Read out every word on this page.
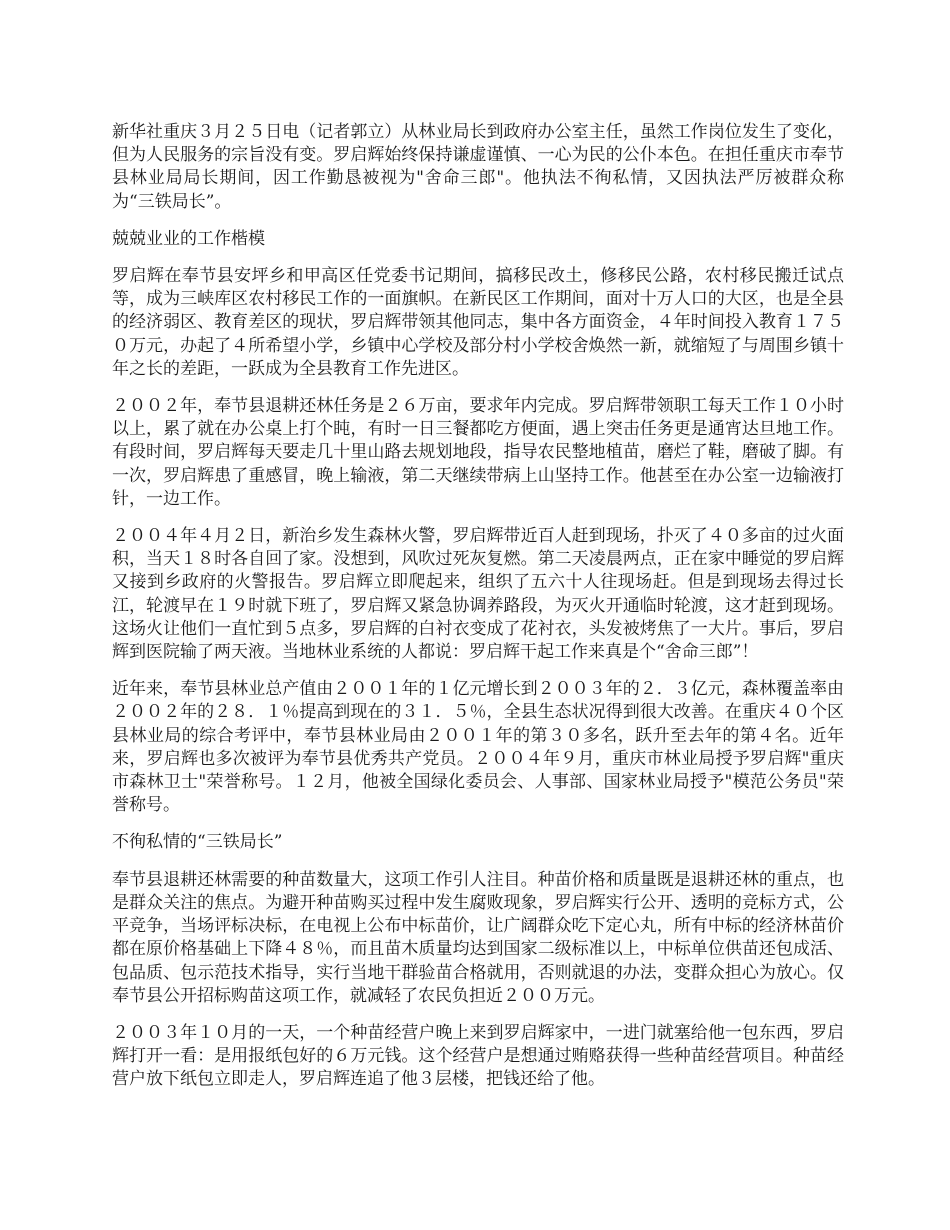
新华社重庆３月２５日电（记者郭立）从林业局长到政府办公室主任，虽然工作岗位发生了变化，但为人民服务的宗旨没有变。罗启辉始终保持谦虚谨慎、一心为民的公仆本色。在担任重庆市奉节县林业局局长期间，因工作勤恳被视为"舍命三郎"。他执法不徇私情，又因执法严厉被群众称为“三铁局长”。

兢兢业业的工作楷模

罗启辉在奉节县安坪乡和甲高区任党委书记期间，搞移民改土，修移民公路，农村移民搬迁试点等，成为三峡库区农村移民工作的一面旗帜。在新民区工作期间，面对十万人口的大区，也是全县的经济弱区、教育差区的现状，罗启辉带领其他同志，集中各方面资金，４年时间投入教育１７５０万元，办起了４所希望小学，乡镇中心学校及部分村小学校舍焕然一新，就缩短了与周围乡镇十年之长的差距，一跃成为全县教育工作先进区。

２００２年，奉节县退耕还林任务是２６万亩，要求年内完成。罗启辉带领职工每天工作１０小时以上，累了就在办公桌上打个盹，有时一日三餐都吃方便面，遇上突击任务更是通宵达旦地工作。有段时间，罗启辉每天要走几十里山路去规划地段，指导农民整地植苗，磨烂了鞋，磨破了脚。有一次，罗启辉患了重感冒，晚上输液，第二天继续带病上山坚持工作。他甚至在办公室一边输液打针，一边工作。

２００４年４月２日，新治乡发生森林火警，罗启辉带近百人赶到现场，扑灭了４０多亩的过火面积，当天１８时各自回了家。没想到，风吹过死灰复燃。第二天凌晨两点，正在家中睡觉的罗启辉又接到乡政府的火警报告。罗启辉立即爬起来，组织了五六十人往现场赶。但是到现场去得过长江，轮渡早在１９时就下班了，罗启辉又紧急协调养路段，为灭火开通临时轮渡，这才赶到现场。这场火让他们一直忙到５点多，罗启辉的白衬衣变成了花衬衣，头发被烤焦了一大片。事后，罗启辉到医院输了两天液。当地林业系统的人都说：罗启辉干起工作来真是个“舍命三郎”！

近年来，奉节县林业总产值由２００１年的１亿元增长到２００３年的２．３亿元，森林覆盖率由２００２年的２８．１％提高到现在的３１．５％，全县生态状况得到很大改善。在重庆４０个区县林业局的综合考评中，奉节县林业局由２００１年的第３０多名，跃升至去年的第４名。近年来，罗启辉也多次被评为奉节县优秀共产党员。２００４年９月，重庆市林业局授予罗启辉"重庆市森林卫士"荣誉称号。１２月，他被全国绿化委员会、人事部、国家林业局授予"模范公务员"荣誉称号。

不徇私情的“三铁局长”

奉节县退耕还林需要的种苗数量大，这项工作引人注目。种苗价格和质量既是退耕还林的重点，也是群众关注的焦点。为避开种苗购买过程中发生腐败现象，罗启辉实行公开、透明的竞标方式，公平竞争，当场评标决标，在电视上公布中标苗价，让广阔群众吃下定心丸，所有中标的经济林苗价都在原价格基础上下降４８％，而且苗木质量均达到国家二级标准以上，中标单位供苗还包成活、包品质、包示范技术指导，实行当地干群验苗合格就用，否则就退的办法，变群众担心为放心。仅奉节县公开招标购苗这项工作，就减轻了农民负担近２００万元。

２００３年１０月的一天，一个种苗经营户晚上来到罗启辉家中，一进门就塞给他一包东西，罗启辉打开一看：是用报纸包好的６万元钱。这个经营户是想通过贿赂获得一些种苗经营项目。种苗经营户放下纸包立即走人，罗启辉连追了他３层楼，把钱还给了他。
